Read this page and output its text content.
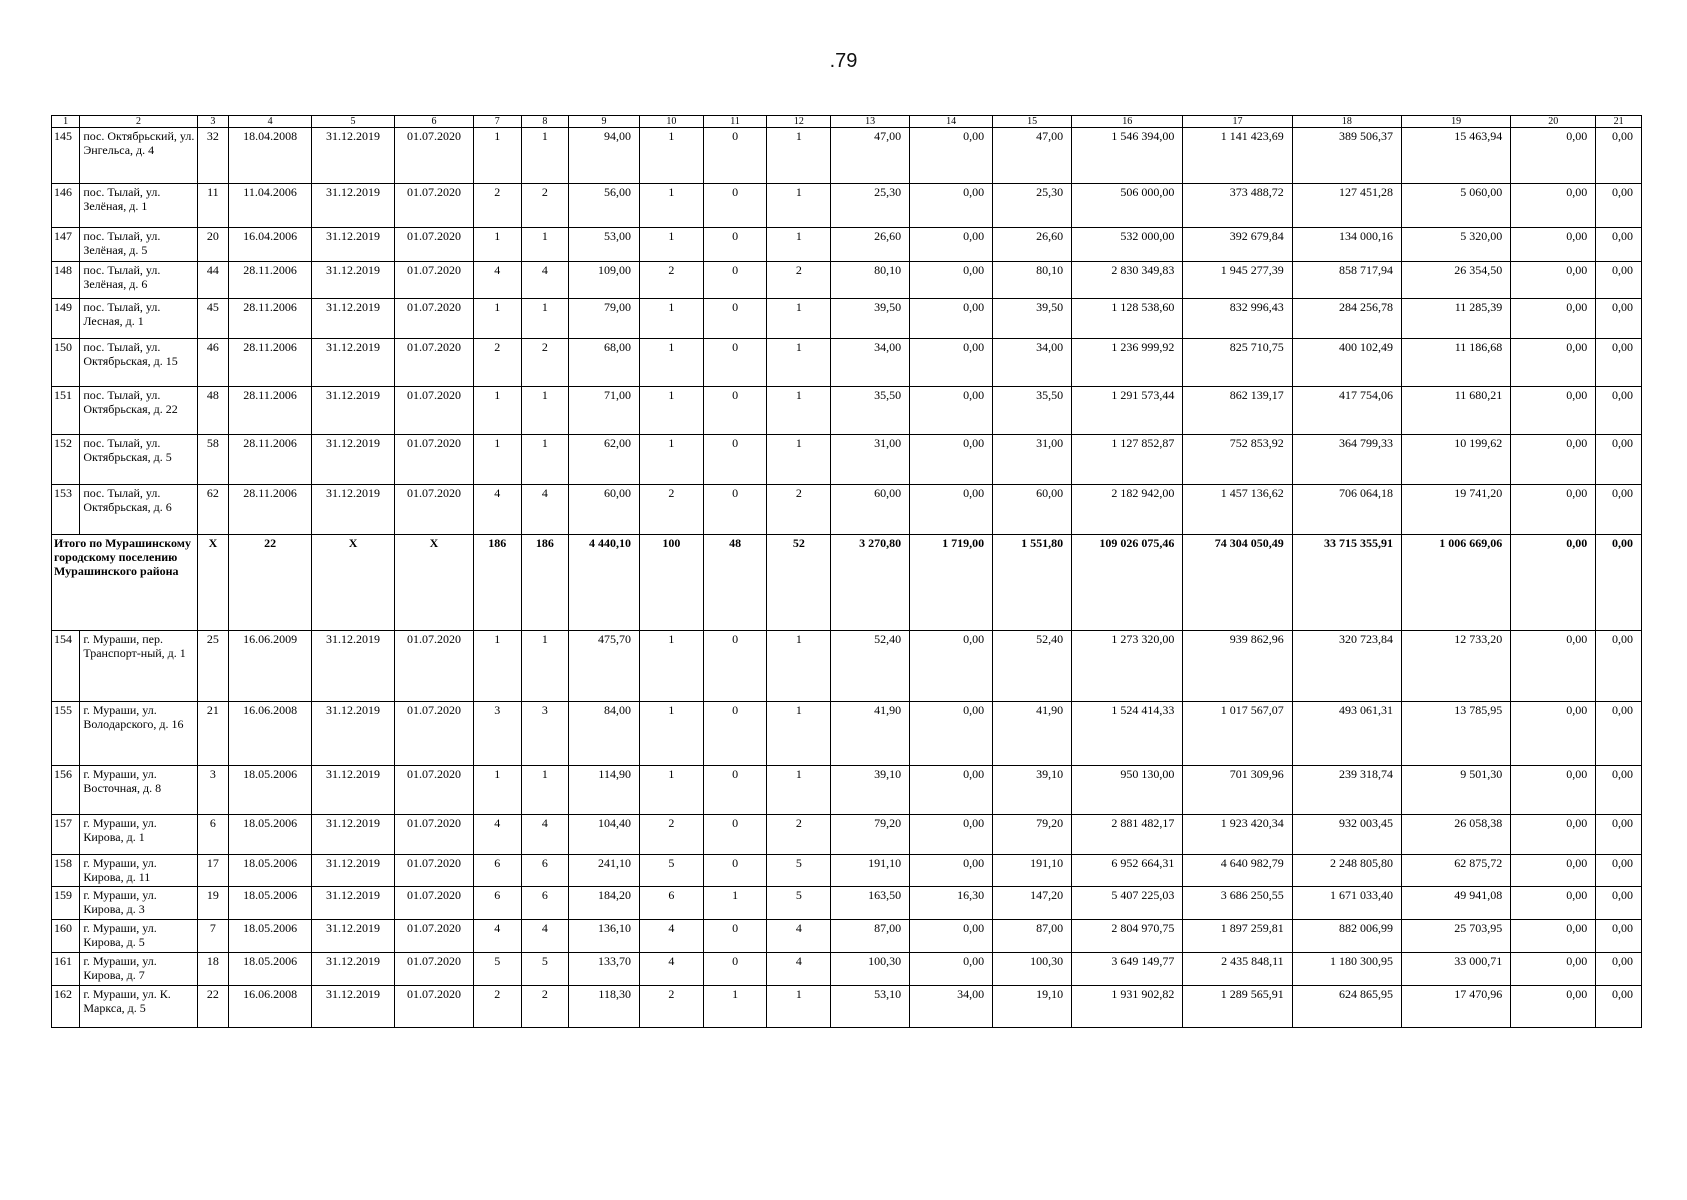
.79
1	2	3	4	5	6	7	8	9	10	11	12	13	14	15	16	17	18	19	20	21
145	пос. Октябрьский, ул. Энгельса, д. 4	32	18.04.2008	31.12.2019	01.07.2020	1	1	94,00	1	0	1	47,00	0,00	47,00	1 546 394,00	1 141 423,69	389 506,37	15 463,94	0,00	0,00
146	пос. Тылай, ул. Зелёная, д. 1	11	11.04.2006	31.12.2019	01.07.2020	2	2	56,00	1	0	1	25,30	0,00	25,30	506 000,00	373 488,72	127 451,28	5 060,00	0,00	0,00
147	пос. Тылай, ул. Зелёная, д. 5	20	16.04.2006	31.12.2019	01.07.2020	1	1	53,00	1	0	1	26,60	0,00	26,60	532 000,00	392 679,84	134 000,16	5 320,00	0,00	0,00
148	пос. Тылай, ул. Зелёная, д. 6	44	28.11.2006	31.12.2019	01.07.2020	4	4	109,00	2	0	2	80,10	0,00	80,10	2 830 349,83	1 945 277,39	858 717,94	26 354,50	0,00	0,00
149	пос. Тылай, ул. Лесная, д. 1	45	28.11.2006	31.12.2019	01.07.2020	1	1	79,00	1	0	1	39,50	0,00	39,50	1 128 538,60	832 996,43	284 256,78	11 285,39	0,00	0,00
150	пос. Тылай, ул. Октябрьская, д. 15	46	28.11.2006	31.12.2019	01.07.2020	2	2	68,00	1	0	1	34,00	0,00	34,00	1 236 999,92	825 710,75	400 102,49	11 186,68	0,00	0,00
151	пос. Тылай, ул. Октябрьская, д. 22	48	28.11.2006	31.12.2019	01.07.2020	1	1	71,00	1	0	1	35,50	0,00	35,50	1 291 573,44	862 139,17	417 754,06	11 680,21	0,00	0,00
152	пос. Тылай, ул. Октябрьская, д. 5	58	28.11.2006	31.12.2019	01.07.2020	1	1	62,00	1	0	1	31,00	0,00	31,00	1 127 852,87	752 853,92	364 799,33	10 199,62	0,00	0,00
153	пос. Тылай, ул. Октябрьская, д. 6	62	28.11.2006	31.12.2019	01.07.2020	4	4	60,00	2	0	2	60,00	0,00	60,00	2 182 942,00	1 457 136,62	706 064,18	19 741,20	0,00	0,00
Итого по Мурашинскому городскому поселению Мурашинского района		X	22	X	X	186	186	4 440,10	100	48	52	3 270,80	1 719,00	1 551,80	109 026 075,46	74 304 050,49	33 715 355,91	1 006 669,06	0,00	0,00
154	г. Мураши, пер. Транспорт-ный, д. 1	25	16.06.2009	31.12.2019	01.07.2020	1	1	475,70	1	0	1	52,40	0,00	52,40	1 273 320,00	939 862,96	320 723,84	12 733,20	0,00	0,00
155	г. Мураши, ул. Володарского, д. 16	21	16.06.2008	31.12.2019	01.07.2020	3	3	84,00	1	0	1	41,90	0,00	41,90	1 524 414,33	1 017 567,07	493 061,31	13 785,95	0,00	0,00
156	г. Мураши, ул. Восточная, д. 8	3	18.05.2006	31.12.2019	01.07.2020	1	1	114,90	1	0	1	39,10	0,00	39,10	950 130,00	701 309,96	239 318,74	9 501,30	0,00	0,00
157	г. Мураши, ул. Кирова, д. 1	6	18.05.2006	31.12.2019	01.07.2020	4	4	104,40	2	0	2	79,20	0,00	79,20	2 881 482,17	1 923 420,34	932 003,45	26 058,38	0,00	0,00
158	г. Мураши, ул. Кирова, д. 11	17	18.05.2006	31.12.2019	01.07.2020	6	6	241,10	5	0	5	191,10	0,00	191,10	6 952 664,31	4 640 982,79	2 248 805,80	62 875,72	0,00	0,00
159	г. Мураши, ул. Кирова, д. 3	19	18.05.2006	31.12.2019	01.07.2020	6	6	184,20	6	1	5	163,50	16,30	147,20	5 407 225,03	3 686 250,55	1 671 033,40	49 941,08	0,00	0,00
160	г. Мураши, ул. Кирова, д. 5	7	18.05.2006	31.12.2019	01.07.2020	4	4	136,10	4	0	4	87,00	0,00	87,00	2 804 970,75	1 897 259,81	882 006,99	25 703,95	0,00	0,00
161	г. Мураши, ул. Кирова, д. 7	18	18.05.2006	31.12.2019	01.07.2020	5	5	133,70	4	0	4	100,30	0,00	100,30	3 649 149,77	2 435 848,11	1 180 300,95	33 000,71	0,00	0,00
162	г. Мураши, ул. К. Маркса, д. 5	22	16.06.2008	31.12.2019	01.07.2020	2	2	118,30	2	1	1	53,10	34,00	19,10	1 931 902,82	1 289 565,91	624 865,95	17 470,96	0,00	0,00
